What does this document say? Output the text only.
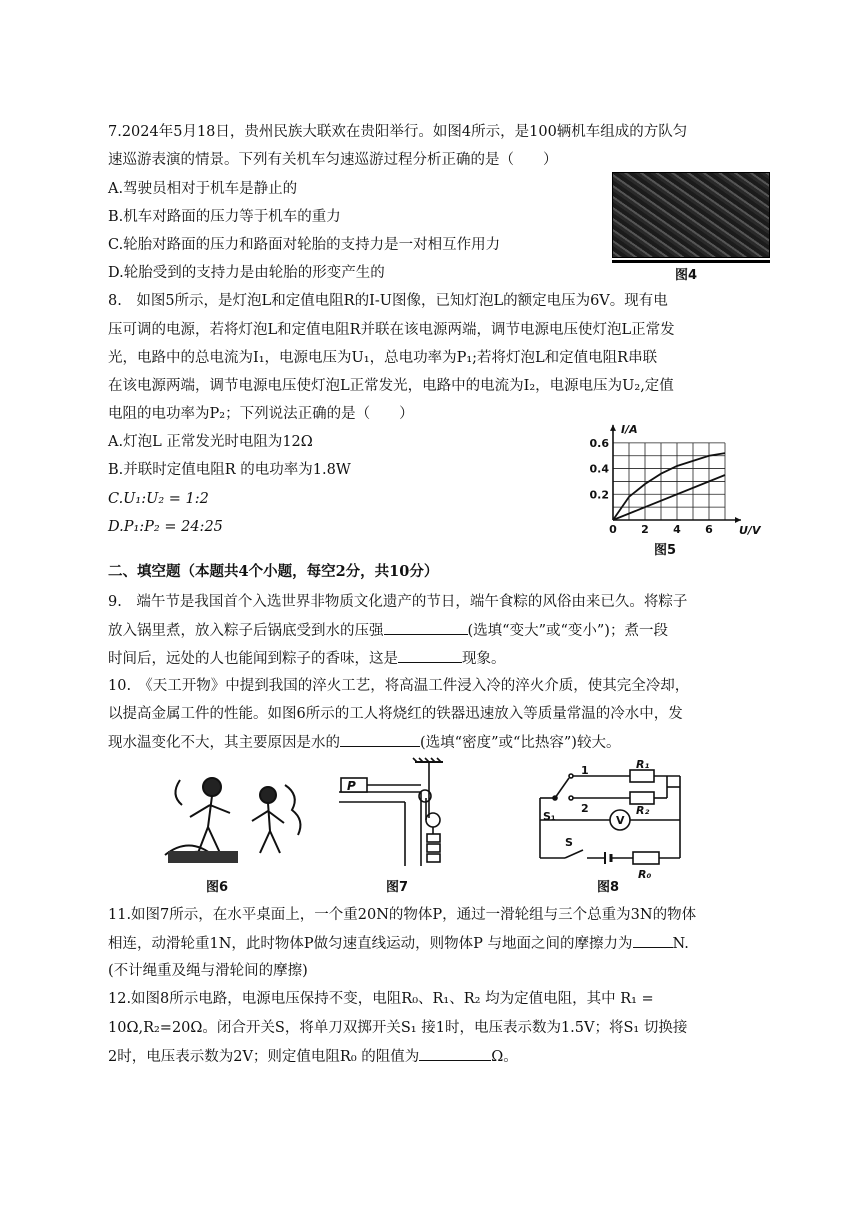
7.2024年5月18日，贵州民族大联欢在贵阳举行。如图4所示，是100辆机车组成的方队匀
速巡游表演的情景。下列有关机车匀速巡游过程分析正确的是（　　）
A.驾驶员相对于机车是静止的
B.机车对路面的压力等于机车的重力
C.轮胎对路面的压力和路面对轮胎的支持力是一对相互作用力
D.轮胎受到的支持力是由轮胎的形变产生的	图4
8.　如图5所示，是灯泡L和定值电阻R的I-U图像，已知灯泡L的额定电压为6V。现有电
压可调的电源，若将灯泡L和定值电阻R并联在该电源两端，调节电源电压使灯泡L正常发
光，电路中的总电流为I₁，电源电压为U₁，总电功率为P₁;若将灯泡L和定值电阻R串联
在该电源两端，调节电源电压使灯泡L正常发光，电路中的电流为I₂，电源电压为U₂,定值
电阻的电功率为P₂；下列说法正确的是（　　）
A.灯泡L 正常发光时电阻为12Ω
B.并联时定值电阻R 的电功率为1.8W
C.U₁:U₂ = 1:2
D.P₁:P₂ = 24:25	0 2 4 6
0.2
0.4
0.6
U/V
I/A
图5
二、填空题（本题共4个小题，每空2分，共10分）
9.　端午节是我国首个入选世界非物质文化遗产的节日，端午食粽的风俗由来已久。将粽子
放入锅里煮，放入粽子后锅底受到水的压强	(选填“变大”或“变小”)；煮一段
时间后，远处的人也能闻到粽子的香味，这是	现象。
10.　《天工开物》中提到我国的淬火工艺，将高温工件浸入冷的淬火介质，使其完全冷却，
以提高金属工件的性能。如图6所示的工人将烧红的铁器迅速放入等质量常温的冷水中，发
现水温变化不大，其主要原因是水的	(选填“密度”或“比热容”)较大。
图6
P
图7
S₁
1
2
R₁
R₂
V
S
R₀
图8
11.如图7所示，在水平桌面上，一个重20N的物体P，通过一滑轮组与三个总重为3N的物体
相连，动滑轮重1N，此时物体P做匀速直线运动，则物体P 与地面之间的摩擦力为	N.
(不计绳重及绳与滑轮间的摩擦)
12.如图8所示电路，电源电压保持不变，电阻R₀、R₁、R₂ 均为定值电阻，其中 R₁ =
10Ω,R₂=20Ω。闭合开关S，将单刀双掷开关S₁ 接1时，电压表示数为1.5V；将S₁ 切换接
2时，电压表示数为2V；则定值电阻R₀ 的阻值为	Ω。
